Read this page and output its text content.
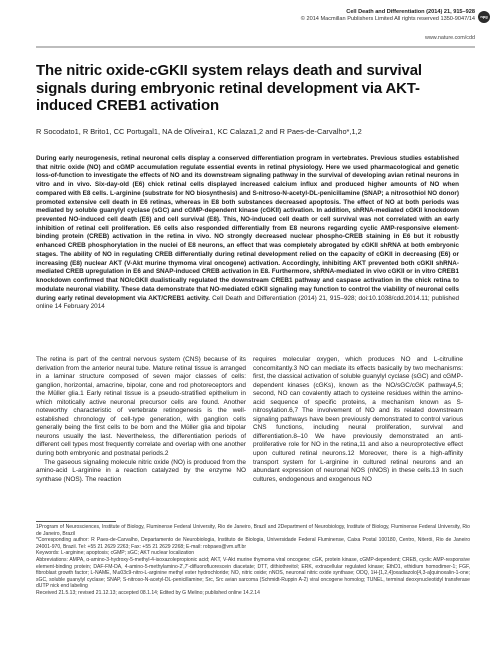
Cell Death and Differentiation (2014) 21, 915–928
© 2014 Macmillan Publishers Limited All rights reserved 1350-9047/14	npg
www.nature.com/cdd
The nitric oxide-cGKII system relays death and survival signals during embryonic retinal development via AKT-induced CREB1 activation
R Socodato1, R Brito1, CC Portugal1, NA de Oliveira1, KC Calaza1,2 and R Paes-de-Carvalho*,1,2
During early neurogenesis, retinal neuronal cells display a conserved differentiation program in vertebrates. Previous studies established that nitric oxide (NO) and cGMP accumulation regulate essential events in retinal physiology. Here we used pharmacological and genetic loss-of-function to investigate the effects of NO and its downstream signaling pathway in the survival of developing avian retinal neurons in vitro and in vivo. Six-day-old (E6) chick retinal cells displayed increased calcium influx and produced higher amounts of NO when compared with E8 cells. L-arginine (substrate for NO biosynthesis) and S-nitroso-N-acetyl-DL-penicillamine (SNAP; a nitrosothiol NO donor) promoted extensive cell death in E6 retinas, whereas in E8 both substances decreased apoptosis. The effect of NO at both periods was mediated by soluble guanylyl cyclase (sGC) and cGMP-dependent kinase (cGKII) activation. In addition, shRNA-mediated cGKII knockdown prevented NO-induced cell death (E6) and cell survival (E8). This, NO-induced cell death or cell survival was not correlated with an early inhibition of retinal cell proliferation. E6 cells also responded differentially from E8 neurons regarding cyclic AMP-responsive element-binding protein (CREB) activation in the retina in vivo. NO strongly decreased nuclear phospho-CREB staining in E6 but it robustly enhanced CREB phosphorylation in the nuclei of E8 neurons, an effect that was completely abrogated by cGKII shRNA at both embryonic stages. The ability of NO in regulating CREB differentially during retinal development relied on the capacity of cGKII in decreasing (E6) or increasing (E8) nuclear AKT (V-Akt murine thymoma viral oncogene) activation. Accordingly, inhibiting AKT prevented both cGKII shRNA-mediated CREB upregulation in E6 and SNAP-induced CREB activation in E8. Furthermore, shRNA-mediated in vivo cGKII or in vitro CREB1 knockdown confirmed that NO/cGKII dualistically regulated the downstream CREB1 pathway and caspase activation in the chick retina to modulate neuronal viability. These data demonstrate that NO-mediated cGKII signaling may function to control the viability of neuronal cells during early retinal development via AKT/CREB1 activity. Cell Death and Differentiation (2014) 21, 915–928; doi:10.1038/cdd.2014.11; published online 14 February 2014

The retina is part of the central nervous system (CNS) because of its derivation from the anterior neural tube. Mature retinal tissue is arranged in a laminar structure composed of seven major classes of cells: ganglion, horizontal, amacrine, bipolar, cone and rod photoreceptors and the Müller glia.1 Early retinal tissue is a pseudo-stratified epithelium in which mitotically active neuronal precursor cells are found. Another noteworthy characteristic of vertebrate retinogenesis is the well-established chronology of cell-type generation, with ganglion cells generally being the first cells to be born and the Müller glia and bipolar neurons usually the last. Nevertheless, the differentiation periods of different cell types most frequently correlate and overlap with one another during both embryonic and postnatal periods.2

The gaseous signaling molecule nitric oxide (NO) is produced from the amino-acid L-arginine in a reaction catalyzed by the enzyme NO synthase (NOS). The reaction

requires molecular oxygen, which produces NO and L-citrulline concomitantly.3 NO can mediate its effects basically by two mechanisms: first, the classical activation of soluble guanylyl cyclase (sGC) and cGMP-dependent kinases (cGKs), known as the NO/sGC/cGK pathway4,5; second, NO can covalently attach to cysteine residues within the amino-acid sequence of specific proteins, a mechanism known as S-nitrosylation.6,7 The involvement of NO and its related downstream signaling pathways have been previously demonstrated to control various CNS functions, including neural proliferation, survival and differentiation.8–10 We have previously demonstrated an anti-proliferative role for NO in the retina,11 and also a neuroprotective effect upon cultured retinal neurons.12 Moreover, there is a high-affinity transport system for L-arginine in cultured retinal neurons and an abundant expression of neuronal NOS (nNOS) in these cells.13 In such cultures, endogenous and exogenous NO

1Program of Neurosciences, Institute of Biology, Fluminense Federal University, Rio de Janeiro, Brazil and 2Department of Neurobiology, Institute of Biology, Fluminense Federal University, Rio de Janeiro, Brazil

*Corresponding author: R Paes-de-Carvalho, Departamento de Neurobiologia, Instituto de Biologia, Universidade Federal Fluminense, Caixa Postal 100180, Centro, Niterói, Rio de Janeiro 24001-970, Brazil. Tel: +55 21 2629 2263; Fax: +55 21 2629 2268; E-mail: robpaes@vm.uff.br

Keywords: L-arginine; apoptosis; cGMP; sGC; AKT nuclear localization

Abbreviations: AMPA, α-amino-3-hydroxy-5-methyl-4-isoxazolepropionic acid; AKT, V-Akt murine thymoma viral oncogene; cGK, protein kinase, cGMP-dependent; CREB, cyclic AMP-responsive element-binding protein; DAF-FM-DA, 4-amino-5-methylamino-2′,7′-difluorofluorescein diacetate; DTT, dithiothreitol; ERK, extracellular regulated kinase; EthD1, ethidium homodimer-1; FGF, fibroblast growth factor; L-NAME, N\u03c9-nitro-L-arginine methyl ester hydrochloride; NO, nitric oxide; nNOS, neuronal nitric oxide synthase; ODQ, 1H-[1,2,4]oxadiazolo[4,3-a]quinoxalin-1-one; sGC, soluble guanylyl cyclase; SNAP, S-nitroso-N-acetyl-DL-penicillamine; Src, Src avian sarcoma (Schmidt-Ruppin A-2) viral oncogene homolog; TUNEL, terminal deoxynucleotidyl transferase dUTP nick end labeling

Received 21.5.13; revised 21.12.13; accepted 08.1.14; Edited by G Melino; published online 14.2.14
